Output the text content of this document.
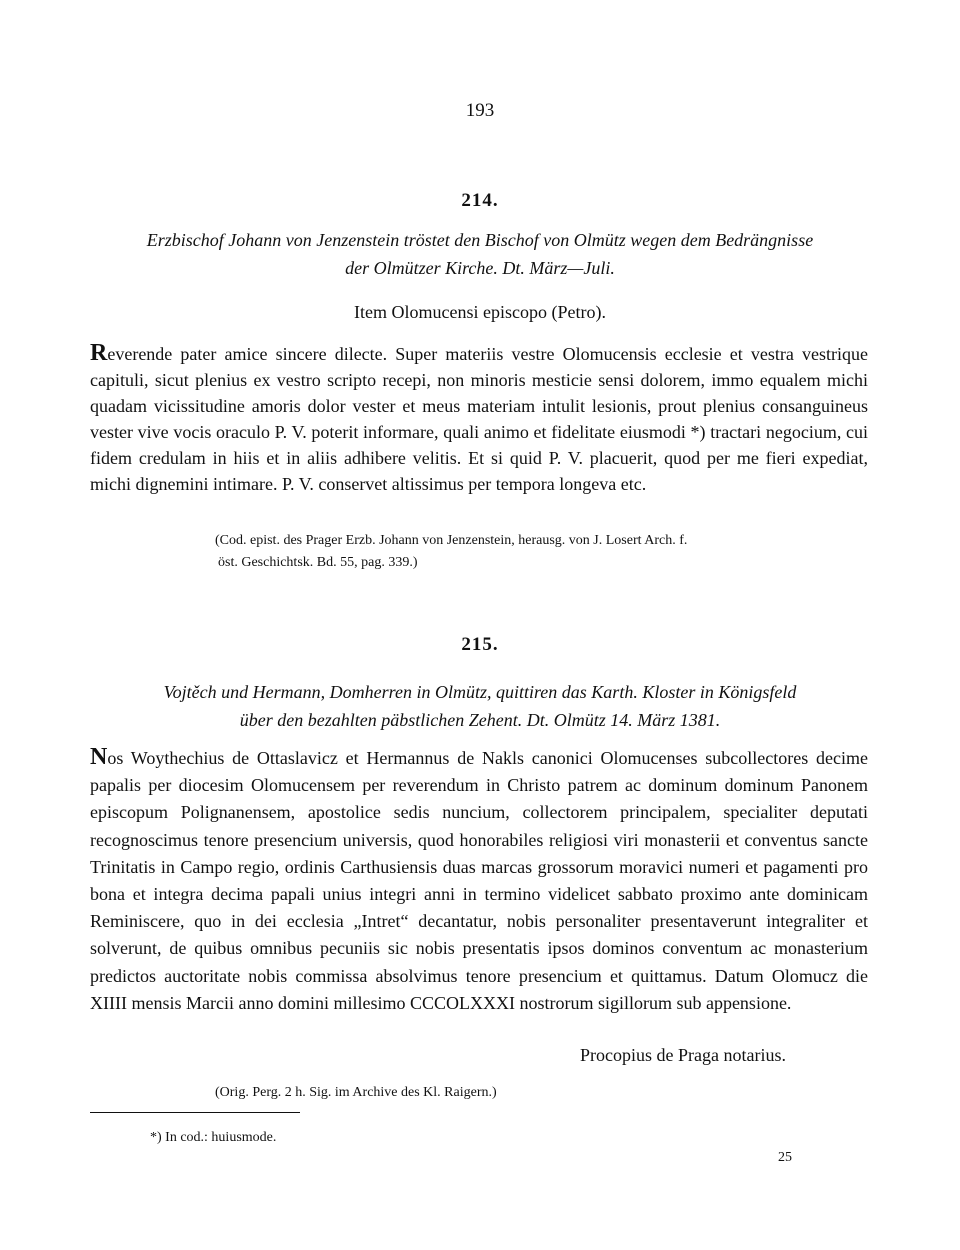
193
214.
Erzbischof Johann von Jenzenstein tröstet den Bischof von Olmütz wegen dem Bedrängnisse
der Olmützer Kirche. Dt. März—Juli.
Item Olomucensi episcopo (Petro).
Reverende pater amice sincere dilecte. Super materiis vestre Olomucensis ecclesie et vestra vestrique capituli, sicut plenius ex vestro scripto recepi, non minoris mesticie sensi dolorem, immo equalem michi quadam vicissitudine amoris dolor vester et meus materiam intulit lesionis, prout plenius consanguineus vester vive vocis oraculo P. V. poterit informare, quali animo et fidelitate eiusmodi *) tractari negocium, cui fidem credulam in hiis et in aliis adhibere velitis. Et si quid P. V. placuerit, quod per me fieri expediat, michi dignemini intimare. P. V. conservet altissimus per tempora longeva etc.
(Cod. epist. des Prager Erzb. Johann von Jenzenstein, herausg. von J. Losert Arch. f.
öst. Geschichtsk. Bd. 55, pag. 339.)
215.
Vojtěch und Hermann, Domherren in Olmütz, quittiren das Karth. Kloster in Königsfeld
über den bezahlten päbstlichen Zehent. Dt. Olmütz 14. März 1381.
Nos Woythechius de Ottaslavicz et Hermannus de Nakls canonici Olomucenses subcollectores decime papalis per diocesim Olomucensem per reverendum in Christo patrem ac dominum dominum Panonem episcopum Polignanensem, apostolice sedis nuncium, collectorem principalem, specialiter deputati recognoscimus tenore presencium universis, quod honorabiles religiosi viri monasterii et conventus sancte Trinitatis in Campo regio, ordinis Carthusiensis duas marcas grossorum moravici numeri et pagamenti pro bona et integra decima papali unius integri anni in termino videlicet sabbato proximo ante dominicam Reminiscere, quo in dei ecclesia „Intret“ decantatur, nobis personaliter presentaverunt integraliter et solverunt, de quibus omnibus pecuniis sic nobis presentatis ipsos dominos conventum ac monasterium predictos auctoritate nobis commissa absolvimus tenore presencium et quittamus. Datum Olomucz die XIIII mensis Marcii anno domini millesimo CCCOLXXXI nostrorum sigillorum sub appensione.
Procopius de Praga notarius.
(Orig. Perg. 2 h. Sig. im Archive des Kl. Raigern.)
*) In cod.: huiusmode.
25
